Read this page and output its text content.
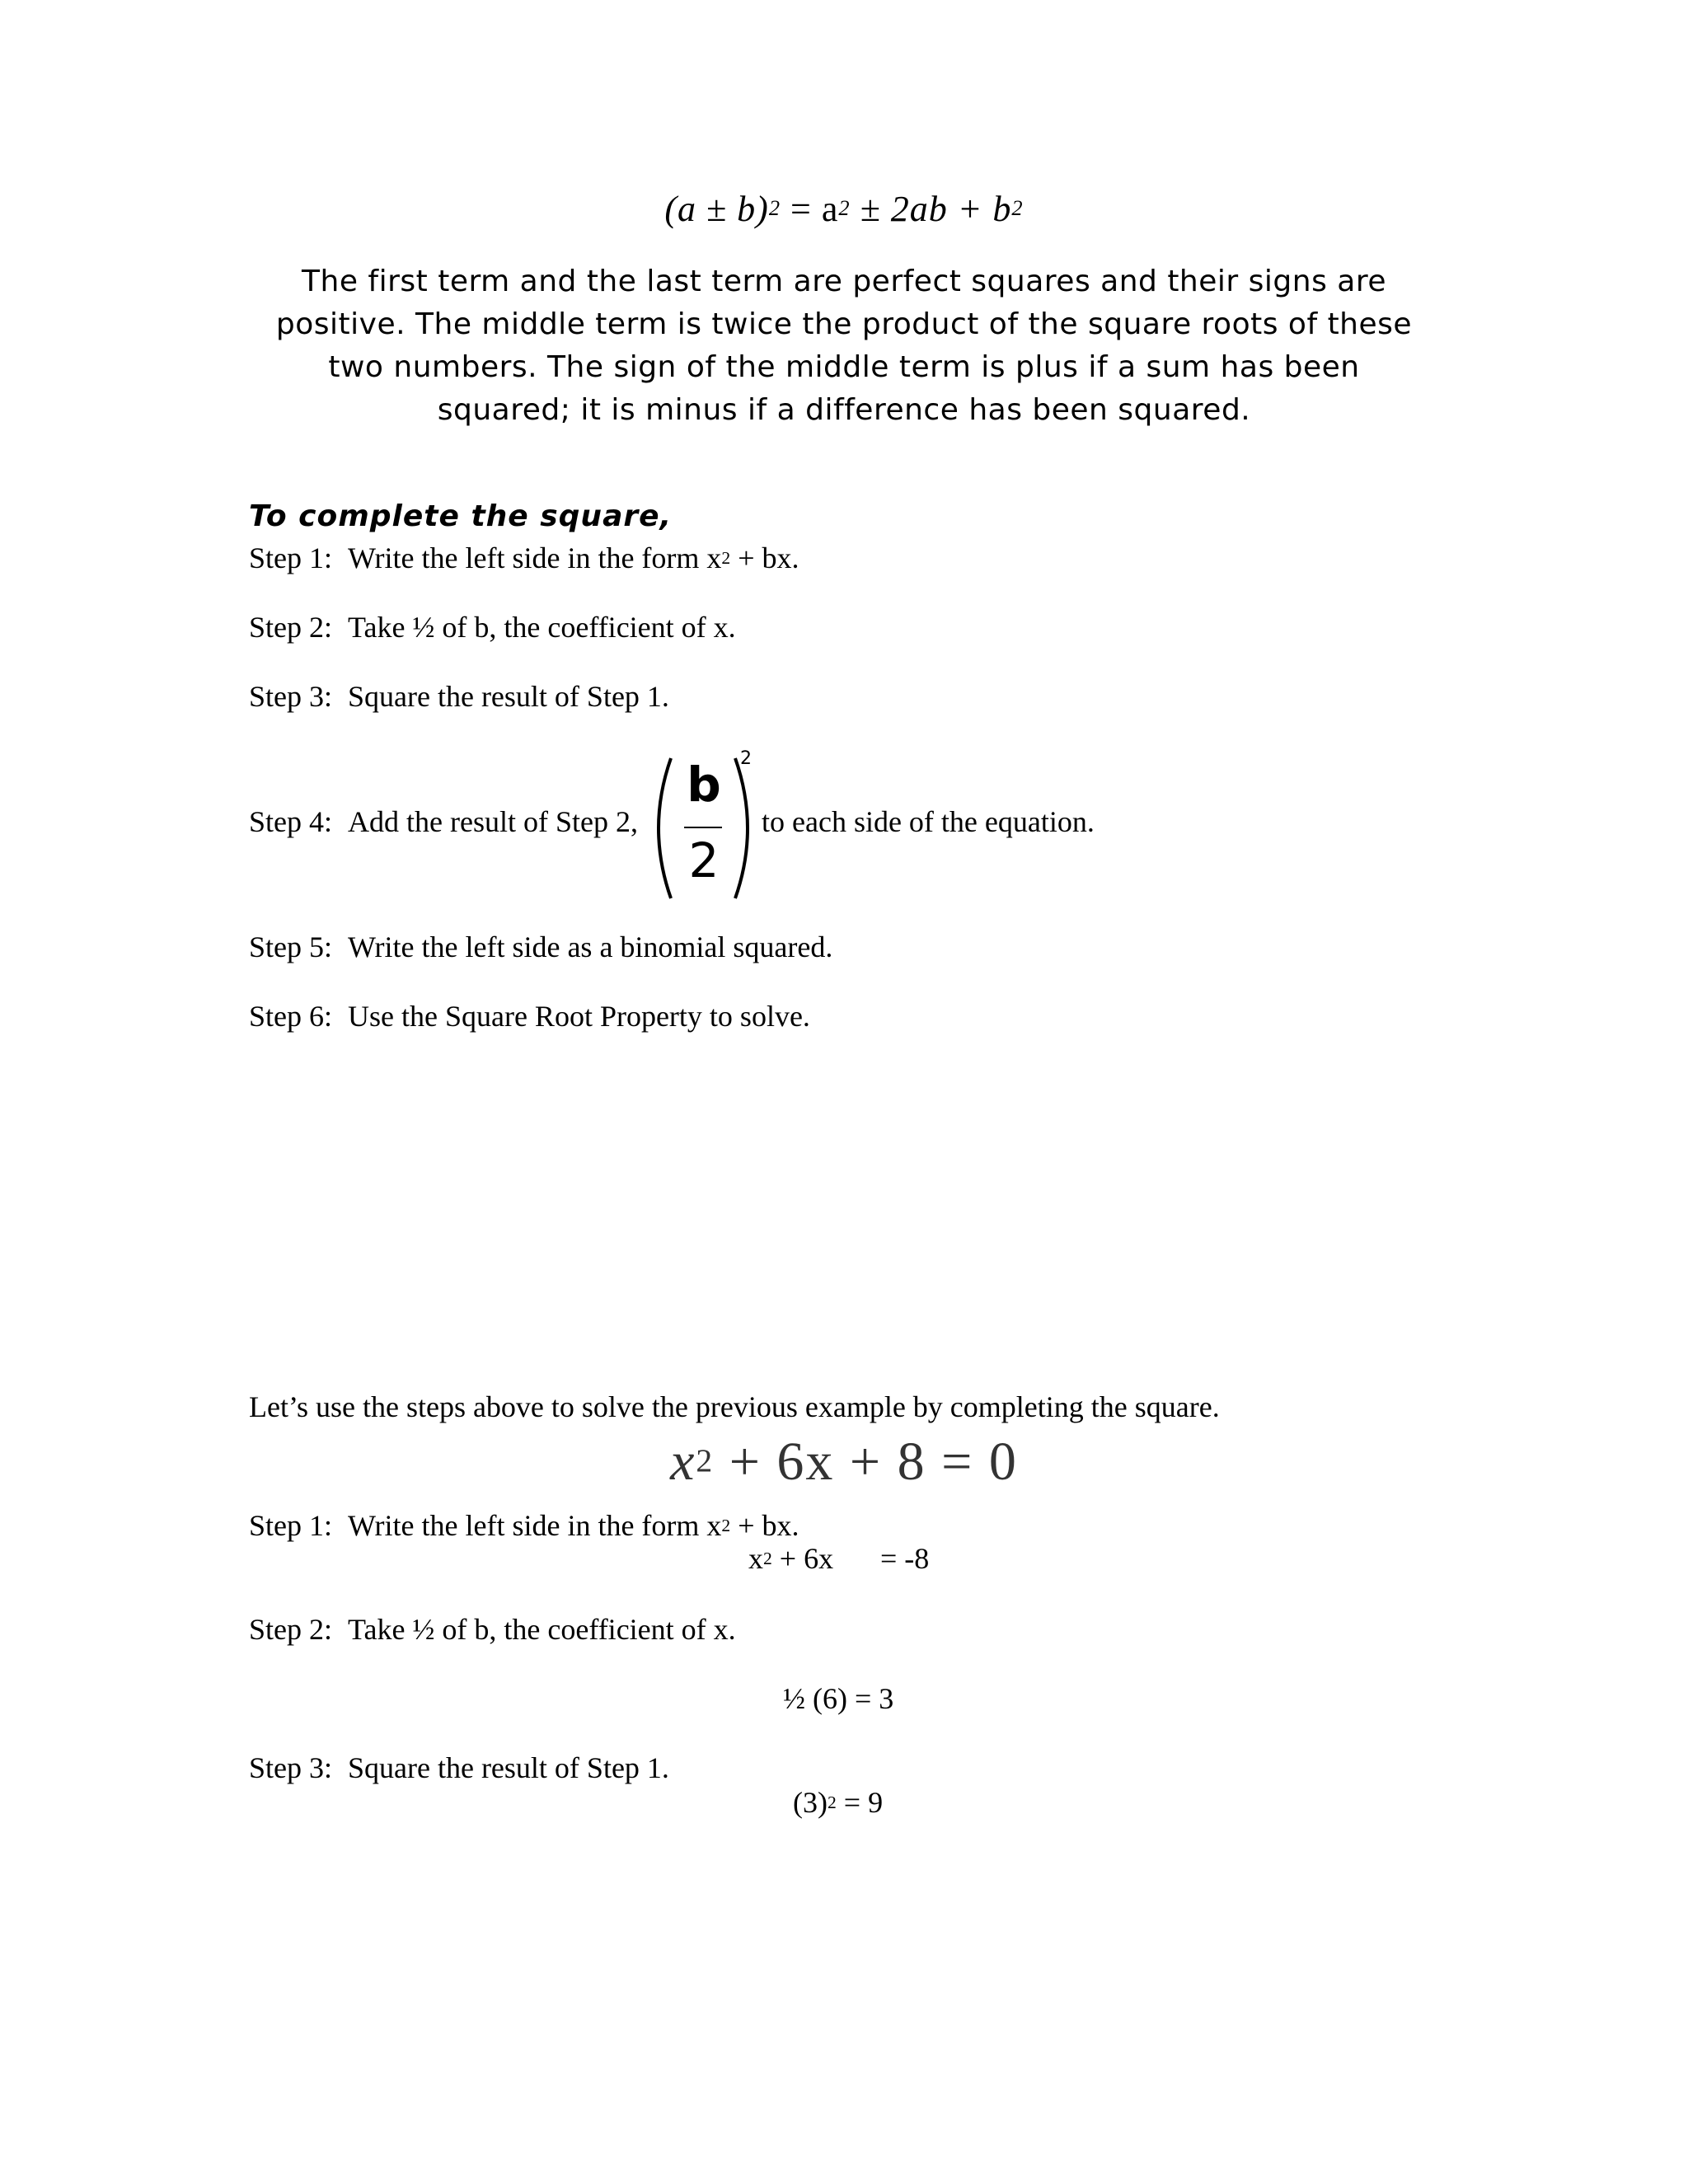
$(a \pm b)^2 = a^2 \pm 2ab + b^2$
The first term and the last term are perfect squares and their signs are positive. The middle term is twice the product of the square roots of these two numbers. The sign of the middle term is plus if a sum has been squared; it is minus if a difference has been squared.
To complete the square,
Step 1: Write the left side in the form $x^2$ + bx.
Step 2: Take ½ of b, the coefficient of x.
Step 3: Square the result of Step 1.
Step 4: Add the result of Step 2,
b
2
2
to each side of the equation.
Step 5: Write the left side as a binomial squared.
Step 6: Use the Square Root Property to solve.
Let’s use the steps above to solve the previous example by completing the square.
$x^2 + 6x + 8 = 0$
Step 1: Write the left side in the form $x^2$ + bx.
$x^2 + 6x = -8$
Step 2: Take ½ of b, the coefficient of x.
½ (6) = 3
Step 3: Square the result of Step 1.
$(3)^2 = 9$
